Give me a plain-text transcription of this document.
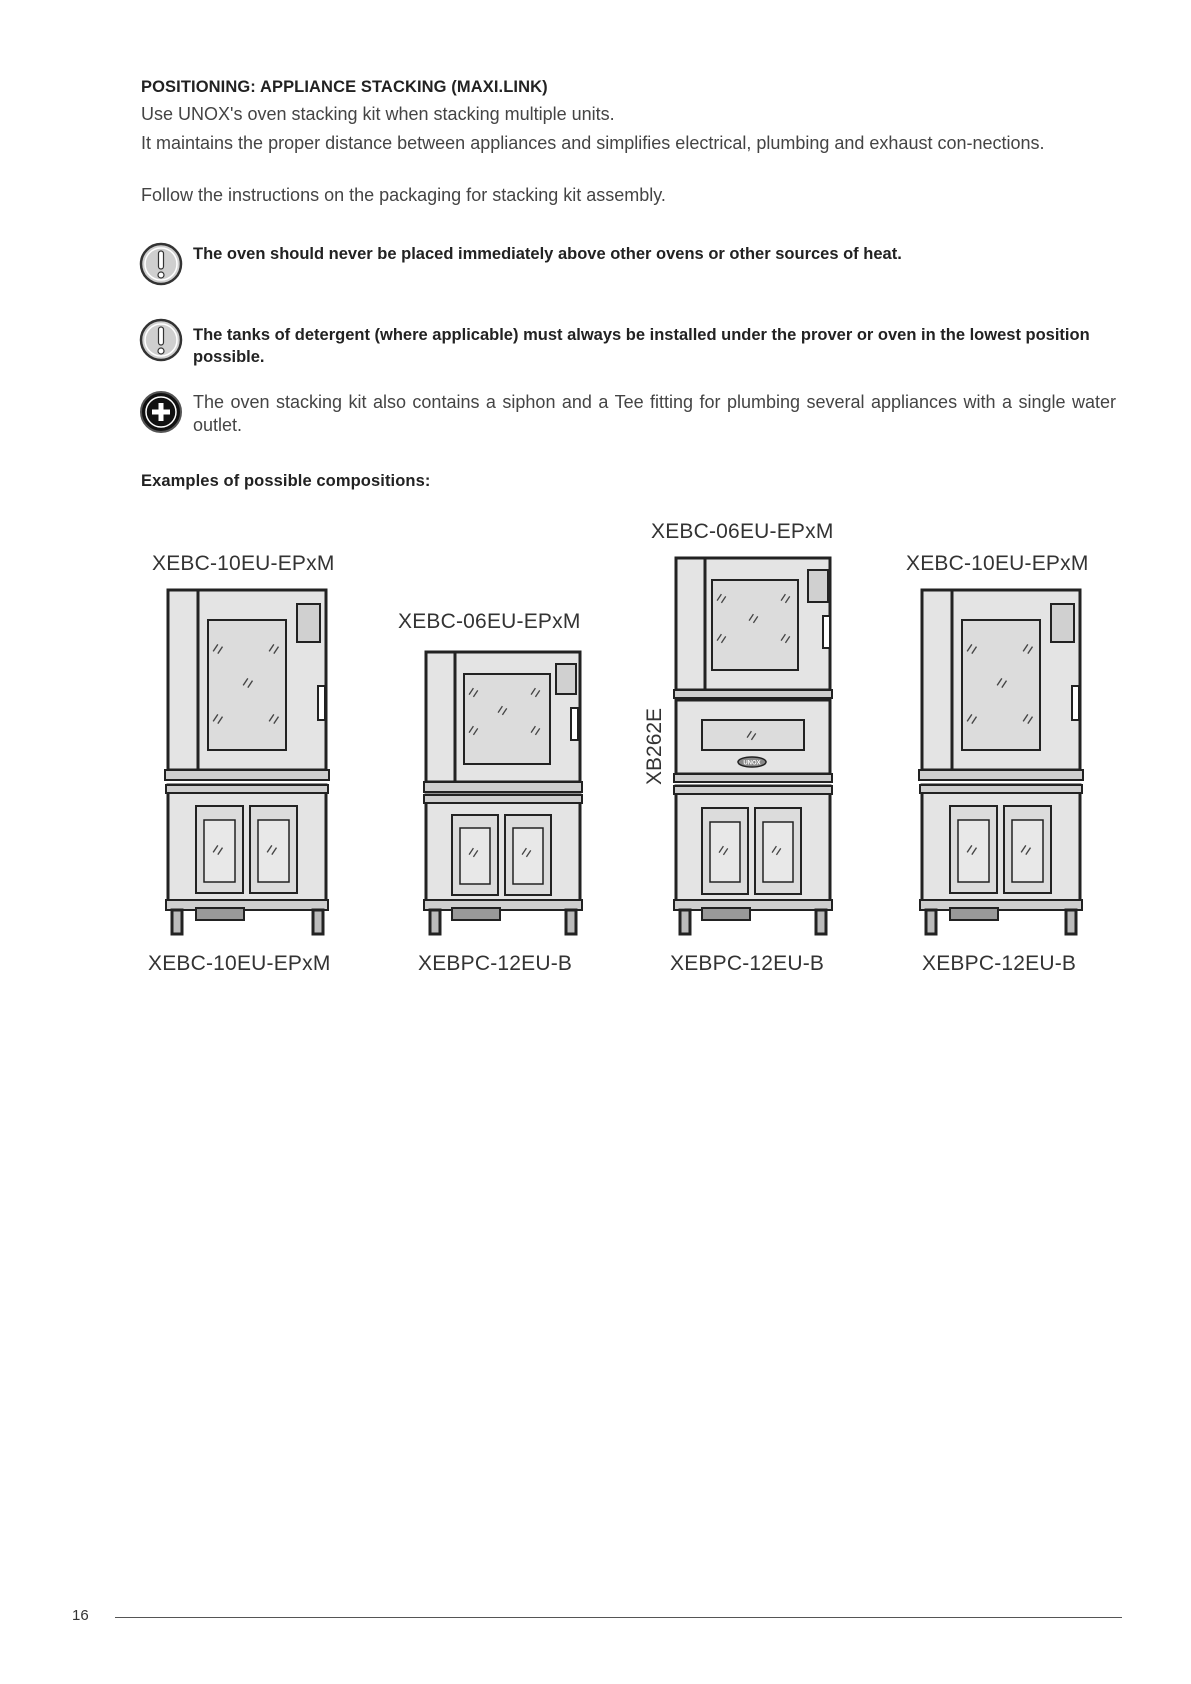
POSITIONING: APPLIANCE STACKING (MAXI.LINK)
Use UNOX's oven stacking kit when stacking multiple units.
It maintains the proper distance between appliances and simplifies electrical, plumbing and exhaust con-nections.
Follow the instructions on the packaging for stacking kit assembly.
The oven should never be placed immediately above other ovens or other sources of heat.
The tanks of detergent (where applicable) must always be installed under the prover or oven in the lowest position possible.
The oven stacking kit also contains a siphon and a Tee fitting for plumbing several appliances with a single water outlet.
Examples of possible compositions:
XEBC-10EU-EPxM
XEBC-10EU-EPxM
XEBC-06EU-EPxM
XEBPC-12EU-B
XEBC-06EU-EPxM
XB262E
XEBPC-12EU-B
XEBC-10EU-EPxM
XEBPC-12EU-B
UNOX
16
